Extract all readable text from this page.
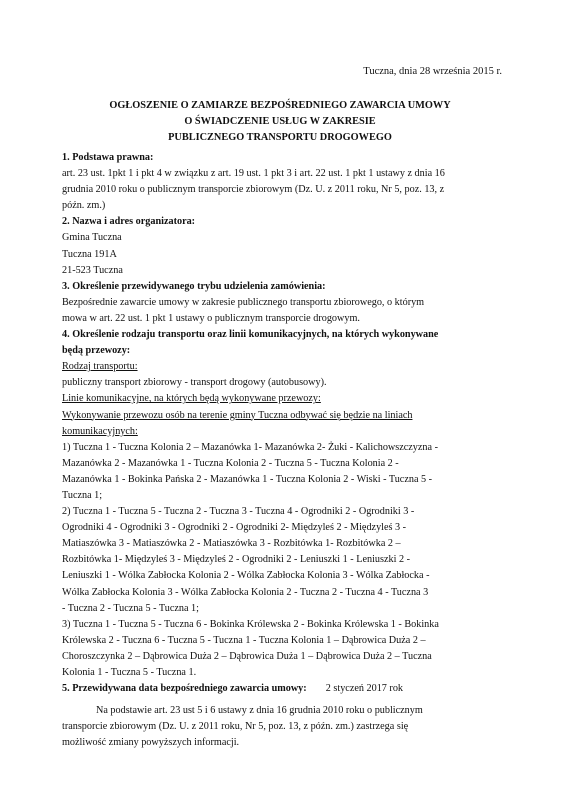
Tuczna, dnia 28 września 2015 r.
OGŁOSZENIE O ZAMIARZE BEZPOŚREDNIEGO ZAWARCIA UMOWY
O ŚWIADCZENIE USŁUG W ZAKRESIE
PUBLICZNEGO TRANSPORTU DROGOWEGO
1. Podstawa prawna:
art. 23 ust. 1pkt 1 i pkt 4 w związku z art. 19 ust. 1 pkt 3 i art. 22 ust. 1 pkt 1 ustawy z dnia 16
grudnia 2010 roku o publicznym transporcie zbiorowym (Dz. U. z 2011 roku, Nr 5, poz. 13, z
późn. zm.)
2. Nazwa i adres organizatora:
Gmina Tuczna
Tuczna 191A
21-523 Tuczna
3. Określenie przewidywanego trybu udzielenia zamówienia:
Bezpośrednie zawarcie umowy w zakresie publicznego transportu zbiorowego, o którym
mowa w art. 22 ust. 1 pkt 1 ustawy o publicznym transporcie drogowym.
4. Określenie rodzaju transportu oraz linii komunikacyjnych, na których wykonywane
będą przewozy:
Rodzaj transportu:
publiczny transport zbiorowy - transport drogowy (autobusowy).
Linie komunikacyjne, na których będą wykonywane przewozy:
Wykonywanie przewozu osób na terenie gminy Tuczna odbywać się będzie na liniach
komunikacyjnych:
1) Tuczna 1 - Tuczna Kolonia 2 – Mazanówka 1- Mazanówka 2- Żuki - Kalichowszczyzna -
Mazanówka 2 - Mazanówka 1 - Tuczna Kolonia 2 - Tuczna 5 - Tuczna Kolonia 2 -
Mazanówka 1 - Bokinka Pańska 2 - Mazanówka 1 - Tuczna Kolonia 2 - Wiski - Tuczna 5 -
Tuczna 1;
2) Tuczna 1 - Tuczna 5 - Tuczna 2 - Tuczna 3 - Tuczna 4 - Ogrodniki 2 - Ogrodniki 3 -
Ogrodniki 4 - Ogrodniki 3 - Ogrodniki 2 - Ogrodniki 2- Międzyleś 2 - Międzyleś 3 -
Matiaszówka 3 - Matiaszówka 2 - Matiaszówka 3 - Rozbitówka 1- Rozbitówka 2 –
Rozbitówka 1- Międzyleś 3 - Międzyleś 2 - Ogrodniki 2 - Leniuszki 1 - Leniuszki 2 -
Leniuszki 1 - Wólka Zabłocka Kolonia 2 - Wólka Zabłocka Kolonia 3 - Wólka Zabłocka -
Wólka Zabłocka Kolonia 3 - Wólka Zabłocka Kolonia 2 - Tuczna 2 - Tuczna 4 - Tuczna 3
- Tuczna 2 - Tuczna 5 - Tuczna 1;
3) Tuczna 1 - Tuczna 5 - Tuczna 6 - Bokinka Królewska 2 - Bokinka Królewska 1 - Bokinka
Królewska 2 - Tuczna 6 - Tuczna 5 - Tuczna 1 - Tuczna Kolonia 1 – Dąbrowica Duża 2 –
Choroszczynka 2 – Dąbrowica Duża 2 – Dąbrowica Duża 1 – Dąbrowica Duża 2 – Tuczna
Kolonia 1 - Tuczna 5 - Tuczna 1.
5. Przewidywana data bezpośredniego zawarcia umowy: 2 styczeń 2017 rok
Na podstawie art. 23 ust 5 i 6 ustawy z dnia 16 grudnia 2010 roku o publicznym
transporcie zbiorowym (Dz. U. z 2011 roku, Nr 5, poz. 13, z późn. zm.) zastrzega się
możliwość zmiany powyższych informacji.
